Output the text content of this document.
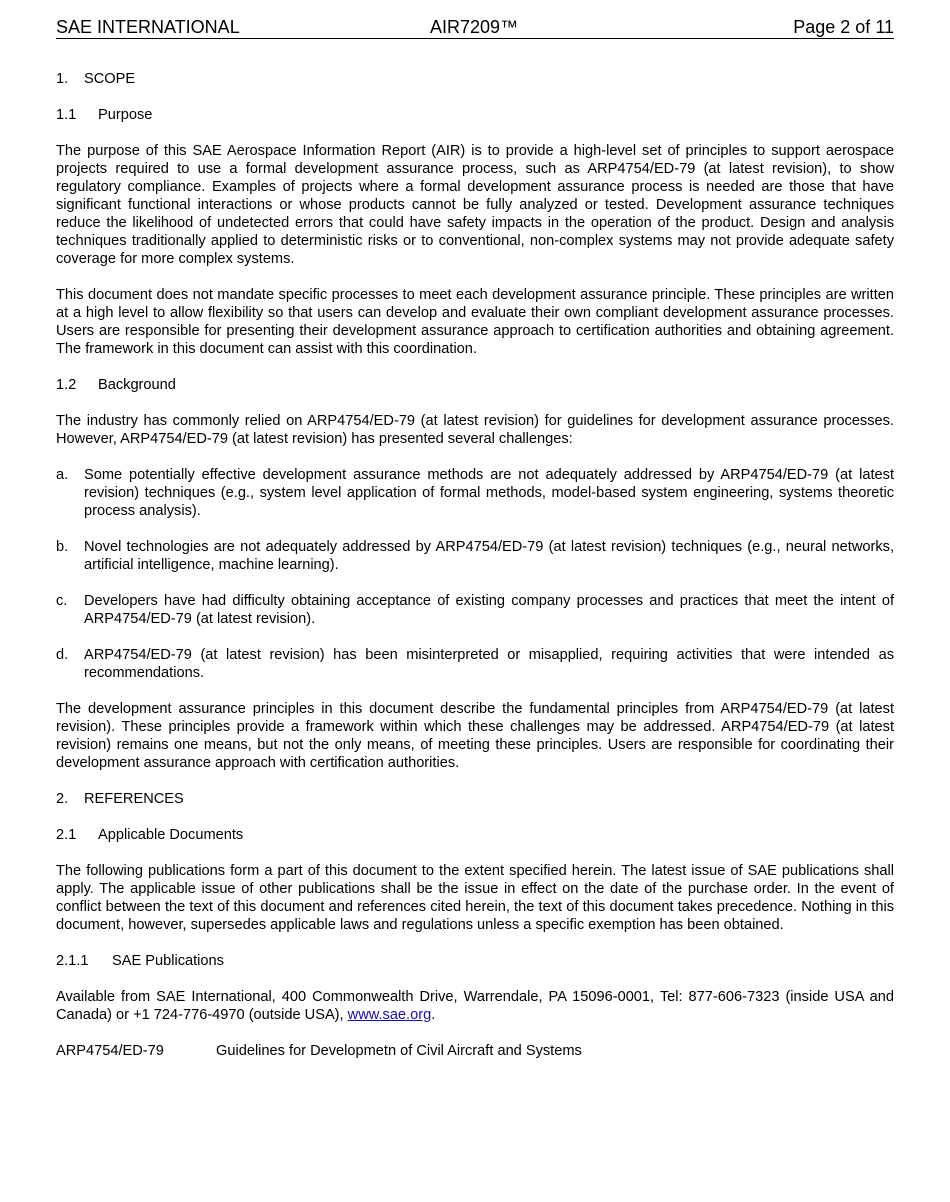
SAE INTERNATIONAL	AIR7209™	Page 2 of 11
1. SCOPE
1.1 Purpose

The purpose of this SAE Aerospace Information Report (AIR) is to provide a high-level set of principles to support aerospace projects required to use a formal development assurance process, such as ARP4754/ED-79 (at latest revision), to show regulatory compliance. Examples of projects where a formal development assurance process is needed are those that have significant functional interactions or whose products cannot be fully analyzed or tested. Development assurance techniques reduce the likelihood of undetected errors that could have safety impacts in the operation of the product. Design and analysis techniques traditionally applied to deterministic risks or to conventional, non-complex systems may not provide adequate safety coverage for more complex systems.

This document does not mandate specific processes to meet each development assurance principle. These principles are written at a high level to allow flexibility so that users can develop and evaluate their own compliant development assurance processes. Users are responsible for presenting their development assurance approach to certification authorities and obtaining agreement. The framework in this document can assist with this coordination.

1.2 Background

The industry has commonly relied on ARP4754/ED-79 (at latest revision) for guidelines for development assurance processes. However, ARP4754/ED-79 (at latest revision) has presented several challenges:

a. Some potentially effective development assurance methods are not adequately addressed by ARP4754/ED-79 (at latest revision) techniques (e.g., system level application of formal methods, model-based system engineering, systems theoretic process analysis).
b. Novel technologies are not adequately addressed by ARP4754/ED-79 (at latest revision) techniques (e.g., neural networks, artificial intelligence, machine learning).
c. Developers have had difficulty obtaining acceptance of existing company processes and practices that meet the intent of ARP4754/ED-79 (at latest revision).
d. ARP4754/ED-79 (at latest revision) has been misinterpreted or misapplied, requiring activities that were intended as recommendations.

The development assurance principles in this document describe the fundamental principles from ARP4754/ED-79 (at latest revision). These principles provide a framework within which these challenges may be addressed. ARP4754/ED-79 (at latest revision) remains one means, but not the only means, of meeting these principles. Users are responsible for coordinating their development assurance approach with certification authorities.

2. REFERENCES
2.1 Applicable Documents

The following publications form a part of this document to the extent specified herein. The latest issue of SAE publications shall apply. The applicable issue of other publications shall be the issue in effect on the date of the purchase order. In the event of conflict between the text of this document and references cited herein, the text of this document takes precedence. Nothing in this document, however, supersedes applicable laws and regulations unless a specific exemption has been obtained.

2.1.1 SAE Publications

Available from SAE International, 400 Commonwealth Drive, Warrendale, PA 15096-0001, Tel: 877-606-7323 (inside USA and Canada) or +1 724-776-4970 (outside USA), www.sae.org.

ARP4754/ED-79	Guidelines for Developmetn of Civil Aircraft and Systems
